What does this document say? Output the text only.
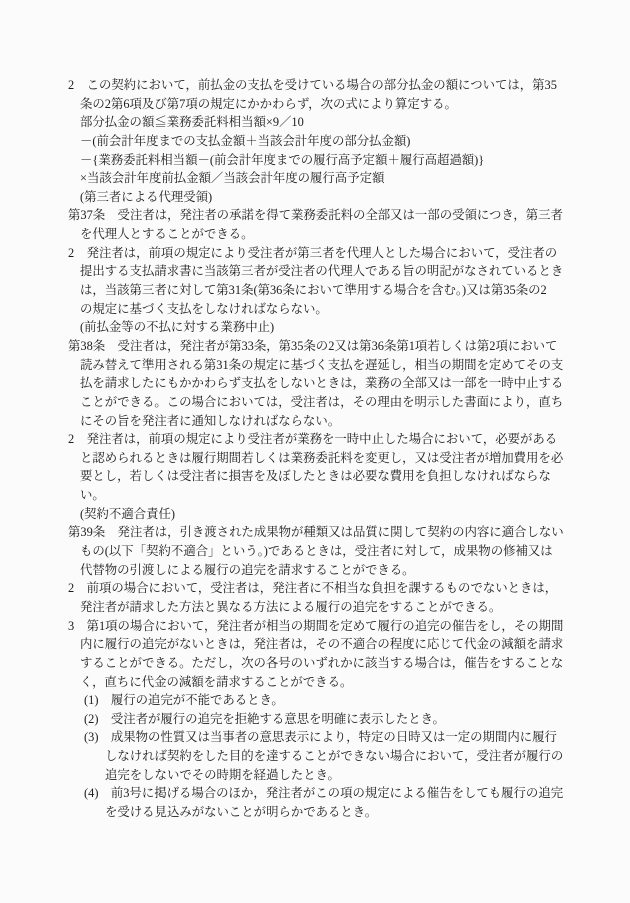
2　この契約において，前払金の支払を受けている場合の部分払金の額については，第35
条の2第6項及び第7項の規定にかかわらず，次の式により算定する。
部分払金の額≦業務委託料相当額×9／10
－(前会計年度までの支払金額＋当該会計年度の部分払金額)
－{業務委託料相当額－(前会計年度までの履行高予定額＋履行高超過額)}
×当該会計年度前払金額／当該会計年度の履行高予定額
(第三者による代理受領)
第37条　受注者は，発注者の承諾を得て業務委託料の全部又は一部の受領につき，第三者
を代理人とすることができる。
2　発注者は，前項の規定により受注者が第三者を代理人とした場合において，受注者の
提出する支払請求書に当該第三者が受注者の代理人である旨の明記がなされているとき
は，当該第三者に対して第31条(第36条において準用する場合を含む。)又は第35条の2
の規定に基づく支払をしなければならない。
(前払金等の不払に対する業務中止)
第38条　受注者は，発注者が第33条，第35条の2又は第36条第1項若しくは第2項において
読み替えて準用される第31条の規定に基づく支払を遅延し，相当の期間を定めてその支
払を請求したにもかかわらず支払をしないときは，業務の全部又は一部を一時中止する
ことができる。この場合においては，受注者は，その理由を明示した書面により，直ち
にその旨を発注者に通知しなければならない。
2　発注者は，前項の規定により受注者が業務を一時中止した場合において，必要がある
と認められるときは履行期間若しくは業務委託料を変更し，又は受注者が増加費用を必
要とし，若しくは受注者に損害を及ぼしたときは必要な費用を負担しなければならな
い。
(契約不適合責任)
第39条　発注者は，引き渡された成果物が種類又は品質に関して契約の内容に適合しない
もの(以下「契約不適合」という。)であるときは，受注者に対して，成果物の修補又は
代替物の引渡しによる履行の追完を請求することができる。
2　前項の場合において，受注者は，発注者に不相当な負担を課するものでないときは，
発注者が請求した方法と異なる方法による履行の追完をすることができる。
3　第1項の場合において，発注者が相当の期間を定めて履行の追完の催告をし，その期間
内に履行の追完がないときは，発注者は，その不適合の程度に応じて代金の減額を請求
することができる。ただし，次の各号のいずれかに該当する場合は，催告をすることな
く，直ちに代金の減額を請求することができる。
(1)　履行の追完が不能であるとき。
(2)　受注者が履行の追完を拒絶する意思を明確に表示したとき。
(3)　成果物の性質又は当事者の意思表示により，特定の日時又は一定の期間内に履行
しなければ契約をした目的を達することができない場合において，受注者が履行の
追完をしないでその時期を経過したとき。
(4)　前3号に掲げる場合のほか，発注者がこの項の規定による催告をしても履行の追完
を受ける見込みがないことが明らかであるとき。
